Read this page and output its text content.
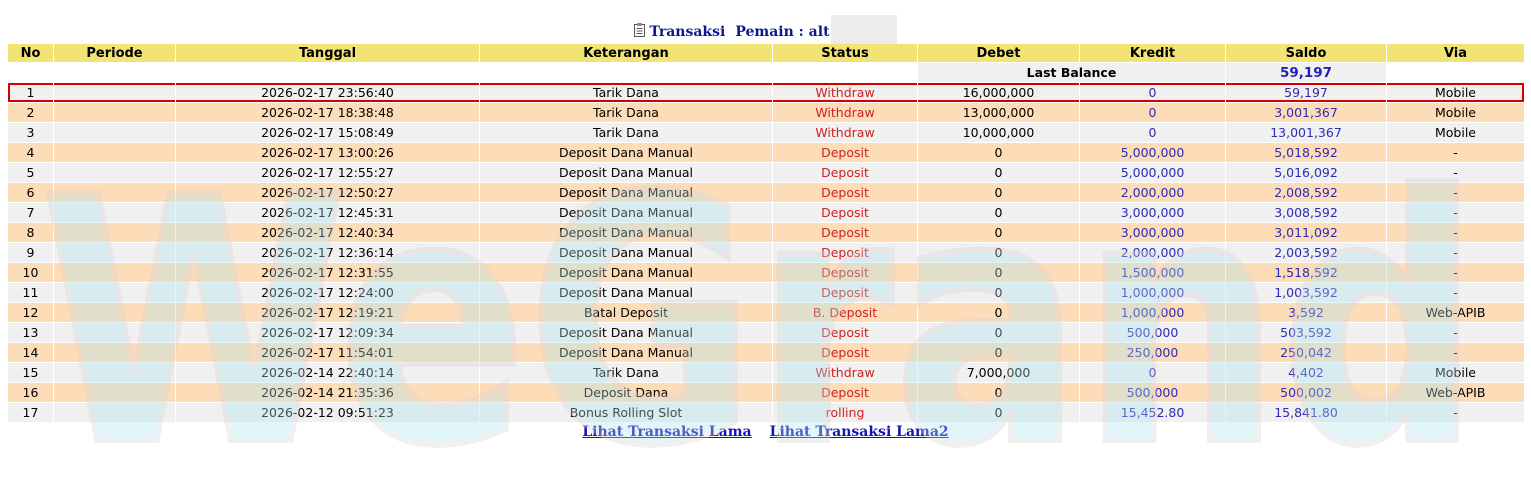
Transaksi Pemain : alt
No	Periode	Tanggal	Keterangan	Status	Debet	Kredit	Saldo	Via
					Last Balance		59,197	
1		2026-02-17 23:56:40	Tarik Dana	Withdraw	16,000,000	0	59,197	Mobile
2		2026-02-17 18:38:48	Tarik Dana	Withdraw	13,000,000	0	3,001,367	Mobile
3		2026-02-17 15:08:49	Tarik Dana	Withdraw	10,000,000	0	13,001,367	Mobile
4		2026-02-17 13:00:26	Deposit Dana Manual	Deposit	0	5,000,000	5,018,592	-
5		2026-02-17 12:55:27	Deposit Dana Manual	Deposit	0	5,000,000	5,016,092	-
6		2026-02-17 12:50:27	Deposit Dana Manual	Deposit	0	2,000,000	2,008,592	-
7		2026-02-17 12:45:31	Deposit Dana Manual	Deposit	0	3,000,000	3,008,592	-
8		2026-02-17 12:40:34	Deposit Dana Manual	Deposit	0	3,000,000	3,011,092	-
9		2026-02-17 12:36:14	Deposit Dana Manual	Deposit	0	2,000,000	2,003,592	-
10		2026-02-17 12:31:55	Deposit Dana Manual	Deposit	0	1,500,000	1,518,592	-
11		2026-02-17 12:24:00	Deposit Dana Manual	Deposit	0	1,000,000	1,003,592	-
12		2026-02-17 12:19:21	Batal Deposit	B. Deposit	0	1,000,000	3,592	Web-APIB
13		2026-02-17 12:09:34	Deposit Dana Manual	Deposit	0	500,000	503,592	-
14		2026-02-17 11:54:01	Deposit Dana Manual	Deposit	0	250,000	250,042	-
15		2026-02-14 22:40:14	Tarik Dana	Withdraw	7,000,000	0	4,402	Mobile
16		2026-02-14 21:35:36	Deposit Dana	Deposit	0	500,000	500,002	Web-APIB
17		2026-02-12 09:51:23	Bonus Rolling Slot	rolling	0	15,452.80	15,841.80	-
Lihat Transaksi Lama Lihat Transaksi Lama2
WeGrand
